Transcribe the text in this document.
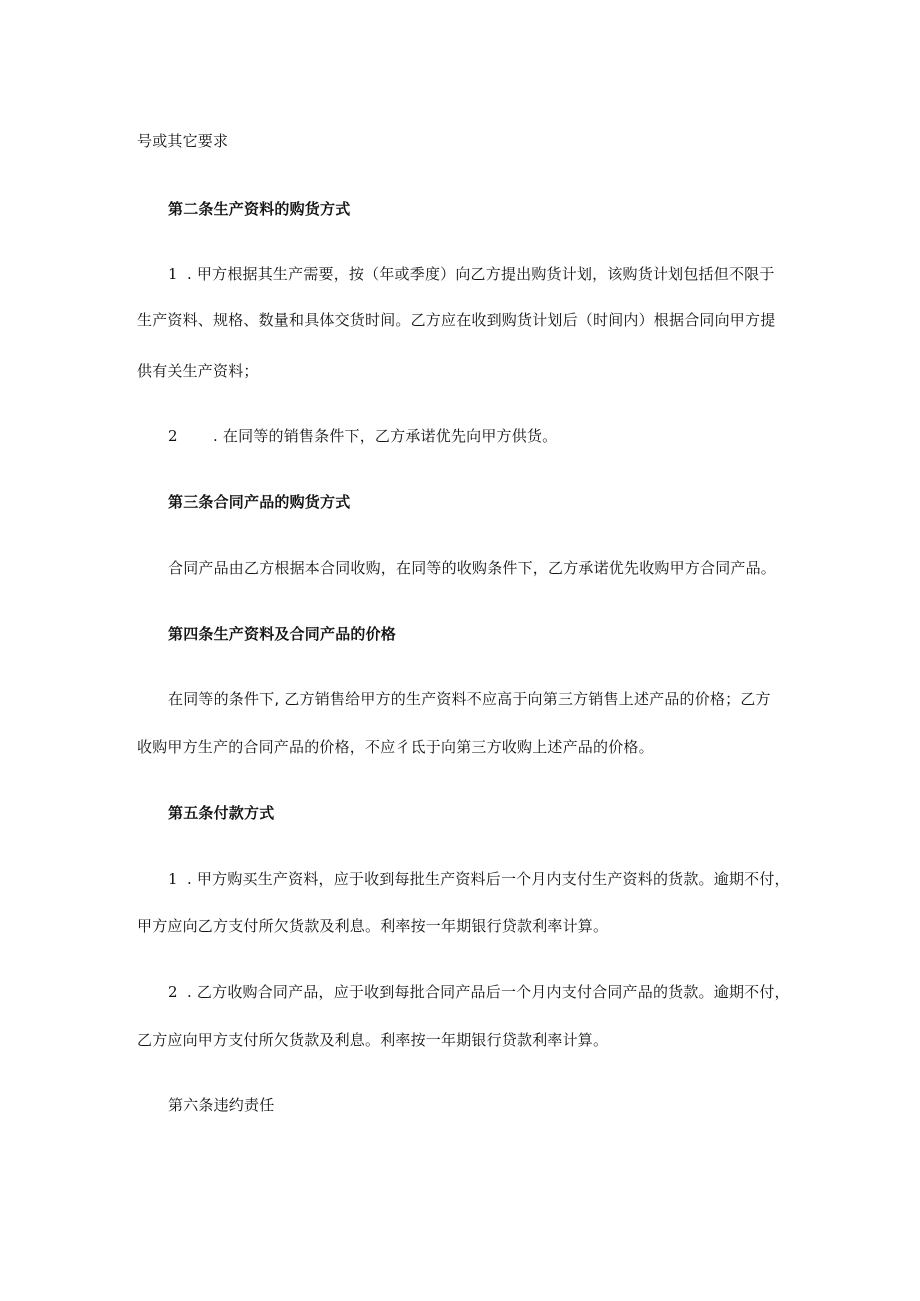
号或其它要求
第二条生产资料的购货方式
1 . 甲方根据其生产需要，按（年或季度）向乙方提出购货计划，该购货计划包括但不限于
生产资料、规格、数量和具体交货时间。乙方应在收到购货计划后（时间内）根据合同向甲方提
供有关生产资料；
2 . 在同等的销售条件下，乙方承诺优先向甲方供货。
第三条合同产品的购货方式
合同产品由乙方根据本合同收购，在同等的收购条件下，乙方承诺优先收购甲方合同产品。
第四条生产资料及合同产品的价格
在同等的条件下, 乙方销售给甲方的生产资料不应高于向第三方销售上述产品的价格；乙方
收购甲方生产的合同产品的价格，不应彳氐于向第三方收购上述产品的价格。
第五条付款方式
1 . 甲方购买生产资料，应于收到每批生产资料后一个月内支付生产资料的货款。逾期不付，
甲方应向乙方支付所欠货款及利息。利率按一年期银行贷款利率计算。
2 . 乙方收购合同产品，应于收到每批合同产品后一个月内支付合同产品的货款。逾期不付，
乙方应向甲方支付所欠货款及利息。利率按一年期银行贷款利率计算。
第六条违约责任
